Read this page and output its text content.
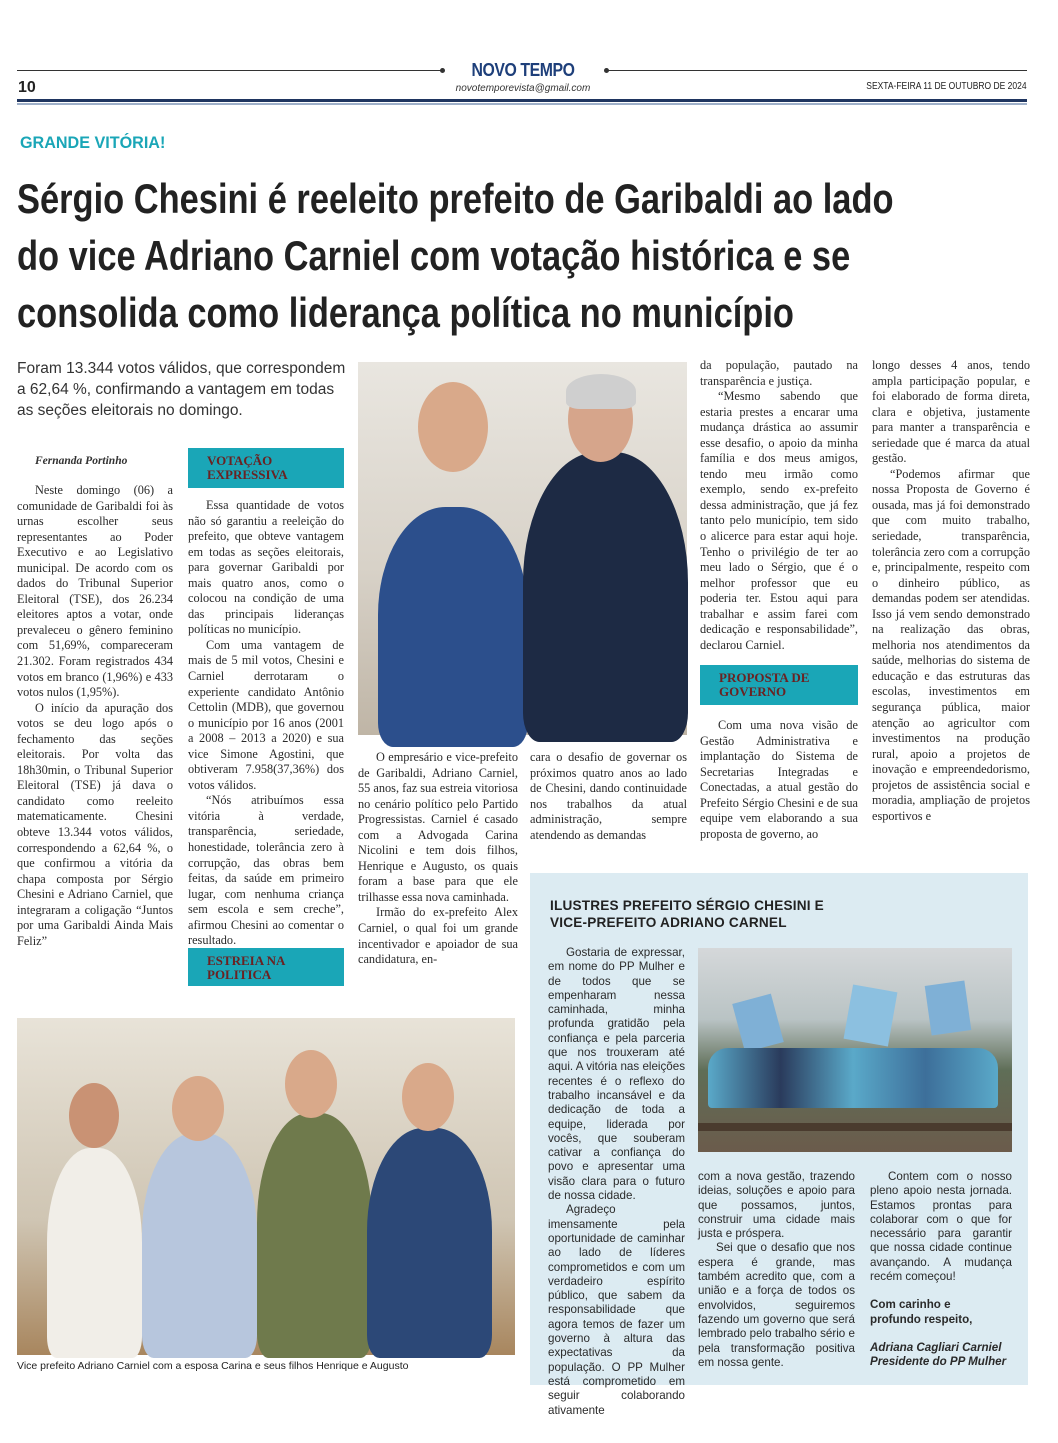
NOVO TEMPO
novotemporevista@gmail.com
10	SEXTA-FEIRA 11 DE OUTUBRO DE 2024
GRANDE VITÓRIA!
Sérgio Chesini é reeleito prefeito de Garibaldi ao lado
do vice Adriano Carniel com votação histórica e se
consolida como liderança política no município

Foram 13.344 votos válidos, que correspondem a 62,64 %, confirmando a vantagem em todas as seções eleitorais no domingo.

Fernanda Portinho

Neste domingo (06) a comunidade de Garibaldi foi às urnas escolher seus representantes ao Poder Executivo e ao Legislativo municipal. De acordo com os dados do Tribunal Superior Eleitoral (TSE), dos 26.234 eleitores aptos a votar, onde prevaleceu o gênero feminino com 51,69%, compareceram 21.302. Foram registrados 434 votos em branco (1,96%) e 433 votos nulos (1,95%).

O início da apuração dos votos se deu logo após o fechamento das seções eleitorais. Por volta das 18h30min, o Tribunal Superior Eleitoral (TSE) já dava o candidato como reeleito matematicamente. Chesini obteve 13.344 votos válidos, correspondendo a 62,64 %, o que confirmou a vitória da chapa composta por Sérgio Chesini e Adriano Carniel, que integraram a coligação “Juntos por uma Garibaldi Ainda Mais Feliz”

VOTAÇÃO EXPRESSIVA

Essa quantidade de votos não só garantiu a reeleição do prefeito, que obteve vantagem em todas as seções eleitorais, para governar Garibaldi por mais quatro anos, como o colocou na condição de uma das principais lideranças políticas no município.

Com uma vantagem de mais de 5 mil votos, Chesini e Carniel derrotaram o experiente candidato Antônio Cettolin (MDB), que governou o município por 16 anos (2001 a 2008 – 2013 a 2020) e sua vice Simone Agostini, que obtiveram 7.958(37,36%) dos votos válidos.

“Nós atribuímos essa vitória à verdade, transparência, seriedade, honestidade, tolerância zero à corrupção, das obras bem feitas, da saúde em primeiro lugar, com nenhuma criança sem escola e sem creche”, afirmou Chesini ao comentar o resultado.

ESTREIA NA POLITICA

O empresário e vice-prefeito de Garibaldi, Adriano Carniel, 55 anos, faz sua estreia vitoriosa no cenário político pelo Partido Progressistas. Carniel é casado com a Advogada Carina Nicolini e tem dois filhos, Henrique e Augusto, os quais foram a base para que ele trilhasse essa nova caminhada.

Irmão do ex-prefeito Alex Carniel, o qual foi um grande incentivador e apoiador de sua candidatura, en-

cara o desafio de governar os próximos quatro anos ao lado de Chesini, dando continuidade nos trabalhos da atual administração, sempre atendendo as demandas

da população, pautado na transparência e justiça.

“Mesmo sabendo que estaria prestes a encarar uma mudança drástica ao assumir esse desafio, o apoio da minha família e dos meus amigos, tendo meu irmão como exemplo, sendo ex-prefeito dessa administração, que já fez tanto pelo município, tem sido o alicerce para estar aqui hoje. Tenho o privilégio de ter ao meu lado o Sérgio, que é o melhor professor que eu poderia ter. Estou aqui para trabalhar e assim farei com dedicação e responsabilidade”, declarou Carniel.

PROPOSTA DE GOVERNO

Com uma nova visão de Gestão Administrativa e implantação do Sistema de Secretarias Integradas e Conectadas, a atual gestão do Prefeito Sérgio Chesini e de sua equipe vem elaborando a sua proposta de governo, ao

longo desses 4 anos, tendo ampla participação popular, e foi elaborado de forma direta, clara e objetiva, justamente para manter a transparência e seriedade que é marca da atual gestão.

“Podemos afirmar que nossa Proposta de Governo é ousada, mas já foi demonstrado que com muito trabalho, seriedade, transparência, tolerância zero com a corrupção e, principalmente, respeito com o dinheiro público, as demandas podem ser atendidas. Isso já vem sendo demonstrado na realização das obras, melhoria nos atendimentos da saúde, melhorias do sistema de educação e das estruturas das escolas, investimentos em segurança pública, maior atenção ao agricultor com investimentos na produção rural, apoio a projetos de inovação e empreendedorismo, projetos de assistência social e moradia, ampliação de projetos esportivos e

Vice prefeito Adriano Carniel com a esposa Carina e seus filhos Henrique e Augusto
ILUSTRES PREFEITO SÉRGIO CHESINI E
VICE-PREFEITO ADRIANO CARNEL

Gostaria de expressar, em nome do PP Mulher e de todos que se empenharam nessa caminhada, minha profunda gratidão pela confiança e pela parceria que nos trouxeram até aqui. A vitória nas eleições recentes é o reflexo do trabalho incansável e da dedicação de toda a equipe, liderada por vocês, que souberam cativar a confiança do povo e apresentar uma visão clara para o futuro de nossa cidade.

Agradeço imensamente pela oportunidade de caminhar ao lado de líderes comprometidos e com um verdadeiro espírito público, que sabem da responsabilidade que agora temos de fazer um governo à altura das expectativas da população. O PP Mulher está comprometido em seguir colaborando ativamente

com a nova gestão, trazendo ideias, soluções e apoio para que possamos, juntos, construir uma cidade mais justa e próspera.

Sei que o desafio que nos espera é grande, mas também acredito que, com a união e a força de todos os envolvidos, seguiremos fazendo um governo que será lembrado pelo trabalho sério e pela transformação positiva em nossa gente.

Contem com o nosso pleno apoio nesta jornada. Estamos prontas para colaborar com o que for necessário para garantir que nossa cidade continue avançando. A mudança recém começou!

Com carinho e

profundo respeito,

Adriana Cagliari Carniel

Presidente do PP Mulher
